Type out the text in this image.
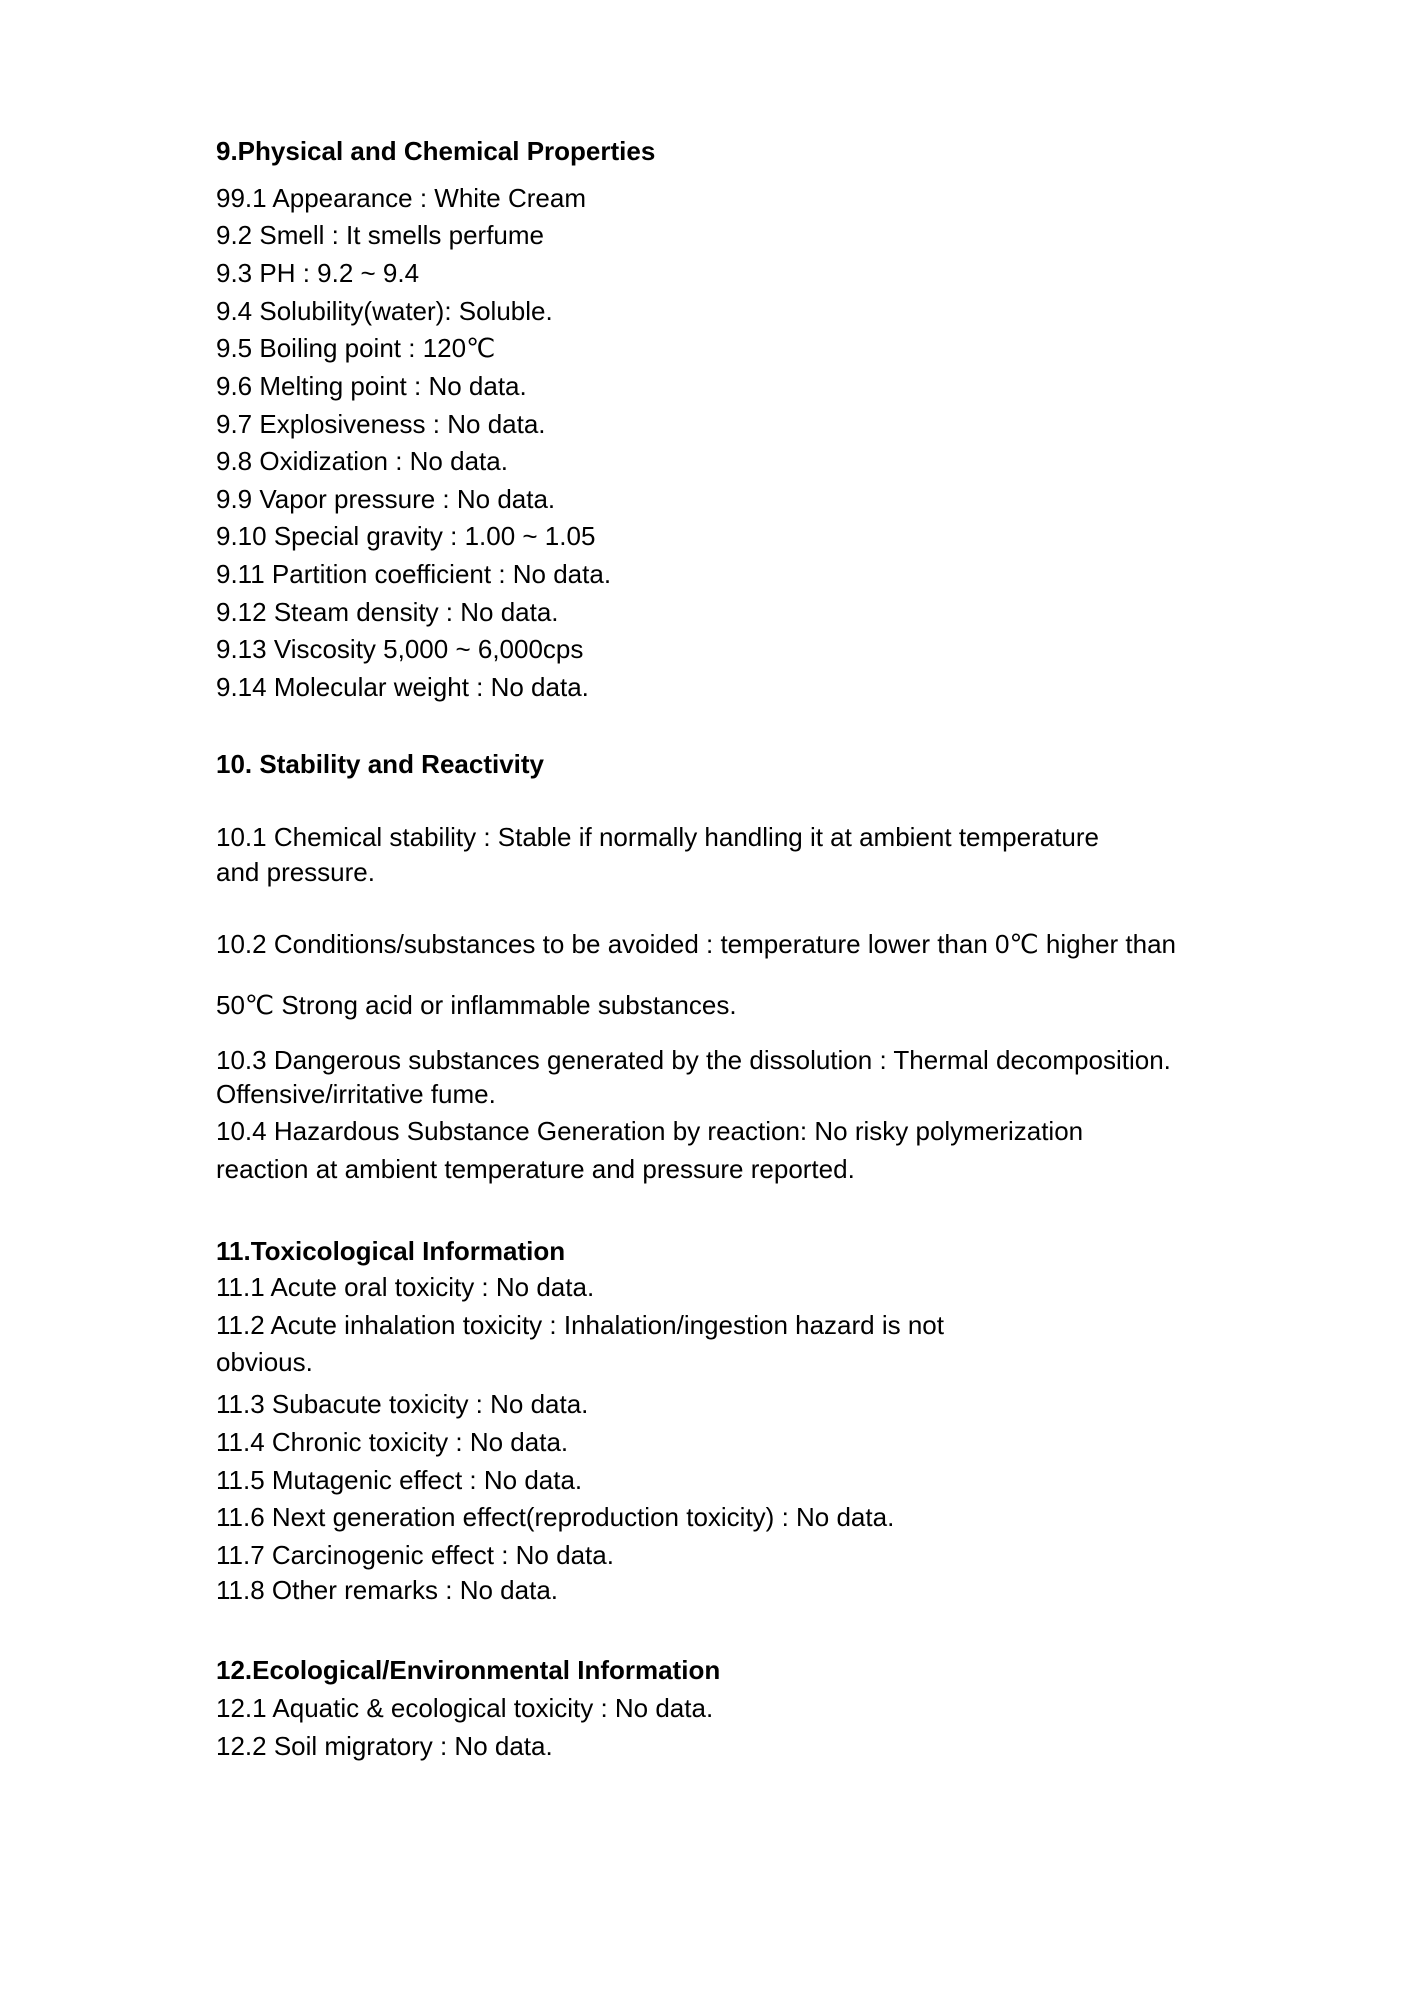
9.Physical and Chemical Properties

99.1 Appearance : White Cream

9.2 Smell : It smells perfume

9.3 PH : 9.2 ~ 9.4

9.4 Solubility(water): Soluble.

9.5 Boiling point : 120℃

9.6 Melting point : No data.

9.7 Explosiveness : No data.

9.8 Oxidization : No data.

9.9 Vapor pressure : No data.

9.10 Special gravity : 1.00 ~ 1.05

9.11 Partition coefficient : No data.

9.12 Steam density : No data.

9.13 Viscosity 5,000 ~ 6,000cps

9.14 Molecular weight : No data.

10. Stability and Reactivity

10.1 Chemical stability : Stable if normally handling it at ambient temperature

and pressure.

10.2 Conditions/substances to be avoided : temperature lower than 0℃ higher than

50℃ Strong acid or inflammable substances.

10.3 Dangerous substances generated by the dissolution : Thermal decomposition.

Offensive/irritative fume.

10.4 Hazardous Substance Generation by reaction: No risky polymerization

reaction at ambient temperature and pressure reported.

11.Toxicological Information

11.1 Acute oral toxicity : No data.

11.2 Acute inhalation toxicity : Inhalation/ingestion hazard is not

obvious.

11.3 Subacute toxicity : No data.

11.4 Chronic toxicity : No data.

11.5 Mutagenic effect : No data.

11.6 Next generation effect(reproduction toxicity) : No data.

11.7 Carcinogenic effect : No data.

11.8 Other remarks : No data.

12.Ecological/Environmental Information

12.1 Aquatic & ecological toxicity : No data.

12.2 Soil migratory : No data.
